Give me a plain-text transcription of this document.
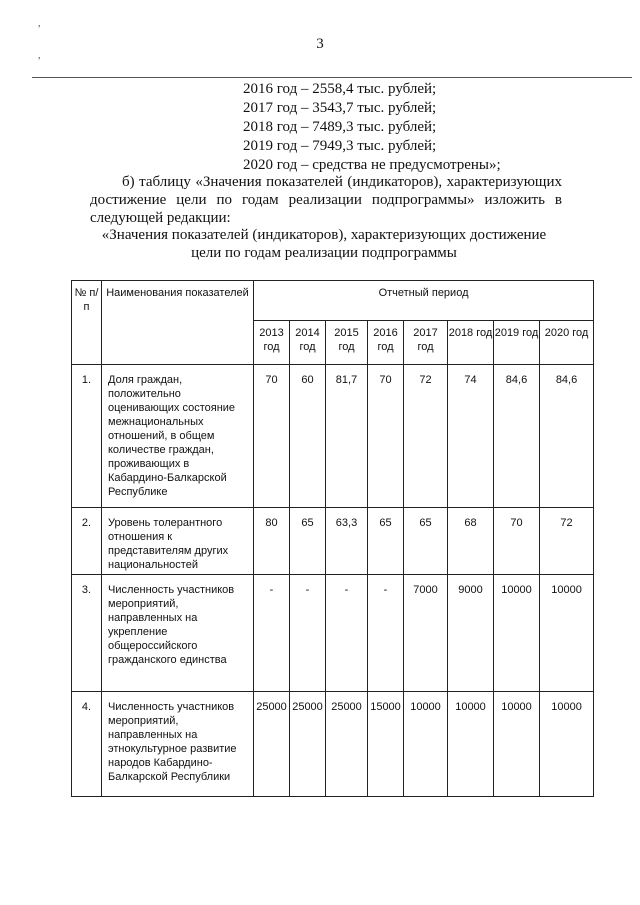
,
,
3
2016 год – 2558,4 тыс. рублей;
2017 год – 3543,7 тыс. рублей;
2018 год – 7489,3 тыс. рублей;
2019 год – 7949,3 тыс. рублей;
2020 год – средства не предусмотрены»;
б) таблицу «Значения показателей (индикаторов), характеризующих достижение цели по годам реализации подпрограммы» изложить в следующей редакции:
«Значения показателей (индикаторов), характеризующих достижение цели по годам реализации подпрограммы
№ п/п	Наименования показателей	Отчетный период							
		2013 год	2014 год	2015 год	2016 год	2017 год	2018 год	2019 год	2020 год
1.	Доля граждан, положительно оценивающих состояние межнациональных отношений, в общем количестве граждан, проживающих в Кабардино-Балкарской Республике	70	60	81,7	70	72	74	84,6	84,6
2.	Уровень толерантного отношения к представителям других национальностей	80	65	63,3	65	65	68	70	72
3.	Численность участников мероприятий, направленных на укрепление общероссийского гражданского единства	-	-	-	-	7000	9000	10000	10000
4.	Численность участников мероприятий, направленных на этнокультурное развитие народов Кабардино-Балкарской Республики	25000	25000	25000	15000	10000	10000	10000	10000
